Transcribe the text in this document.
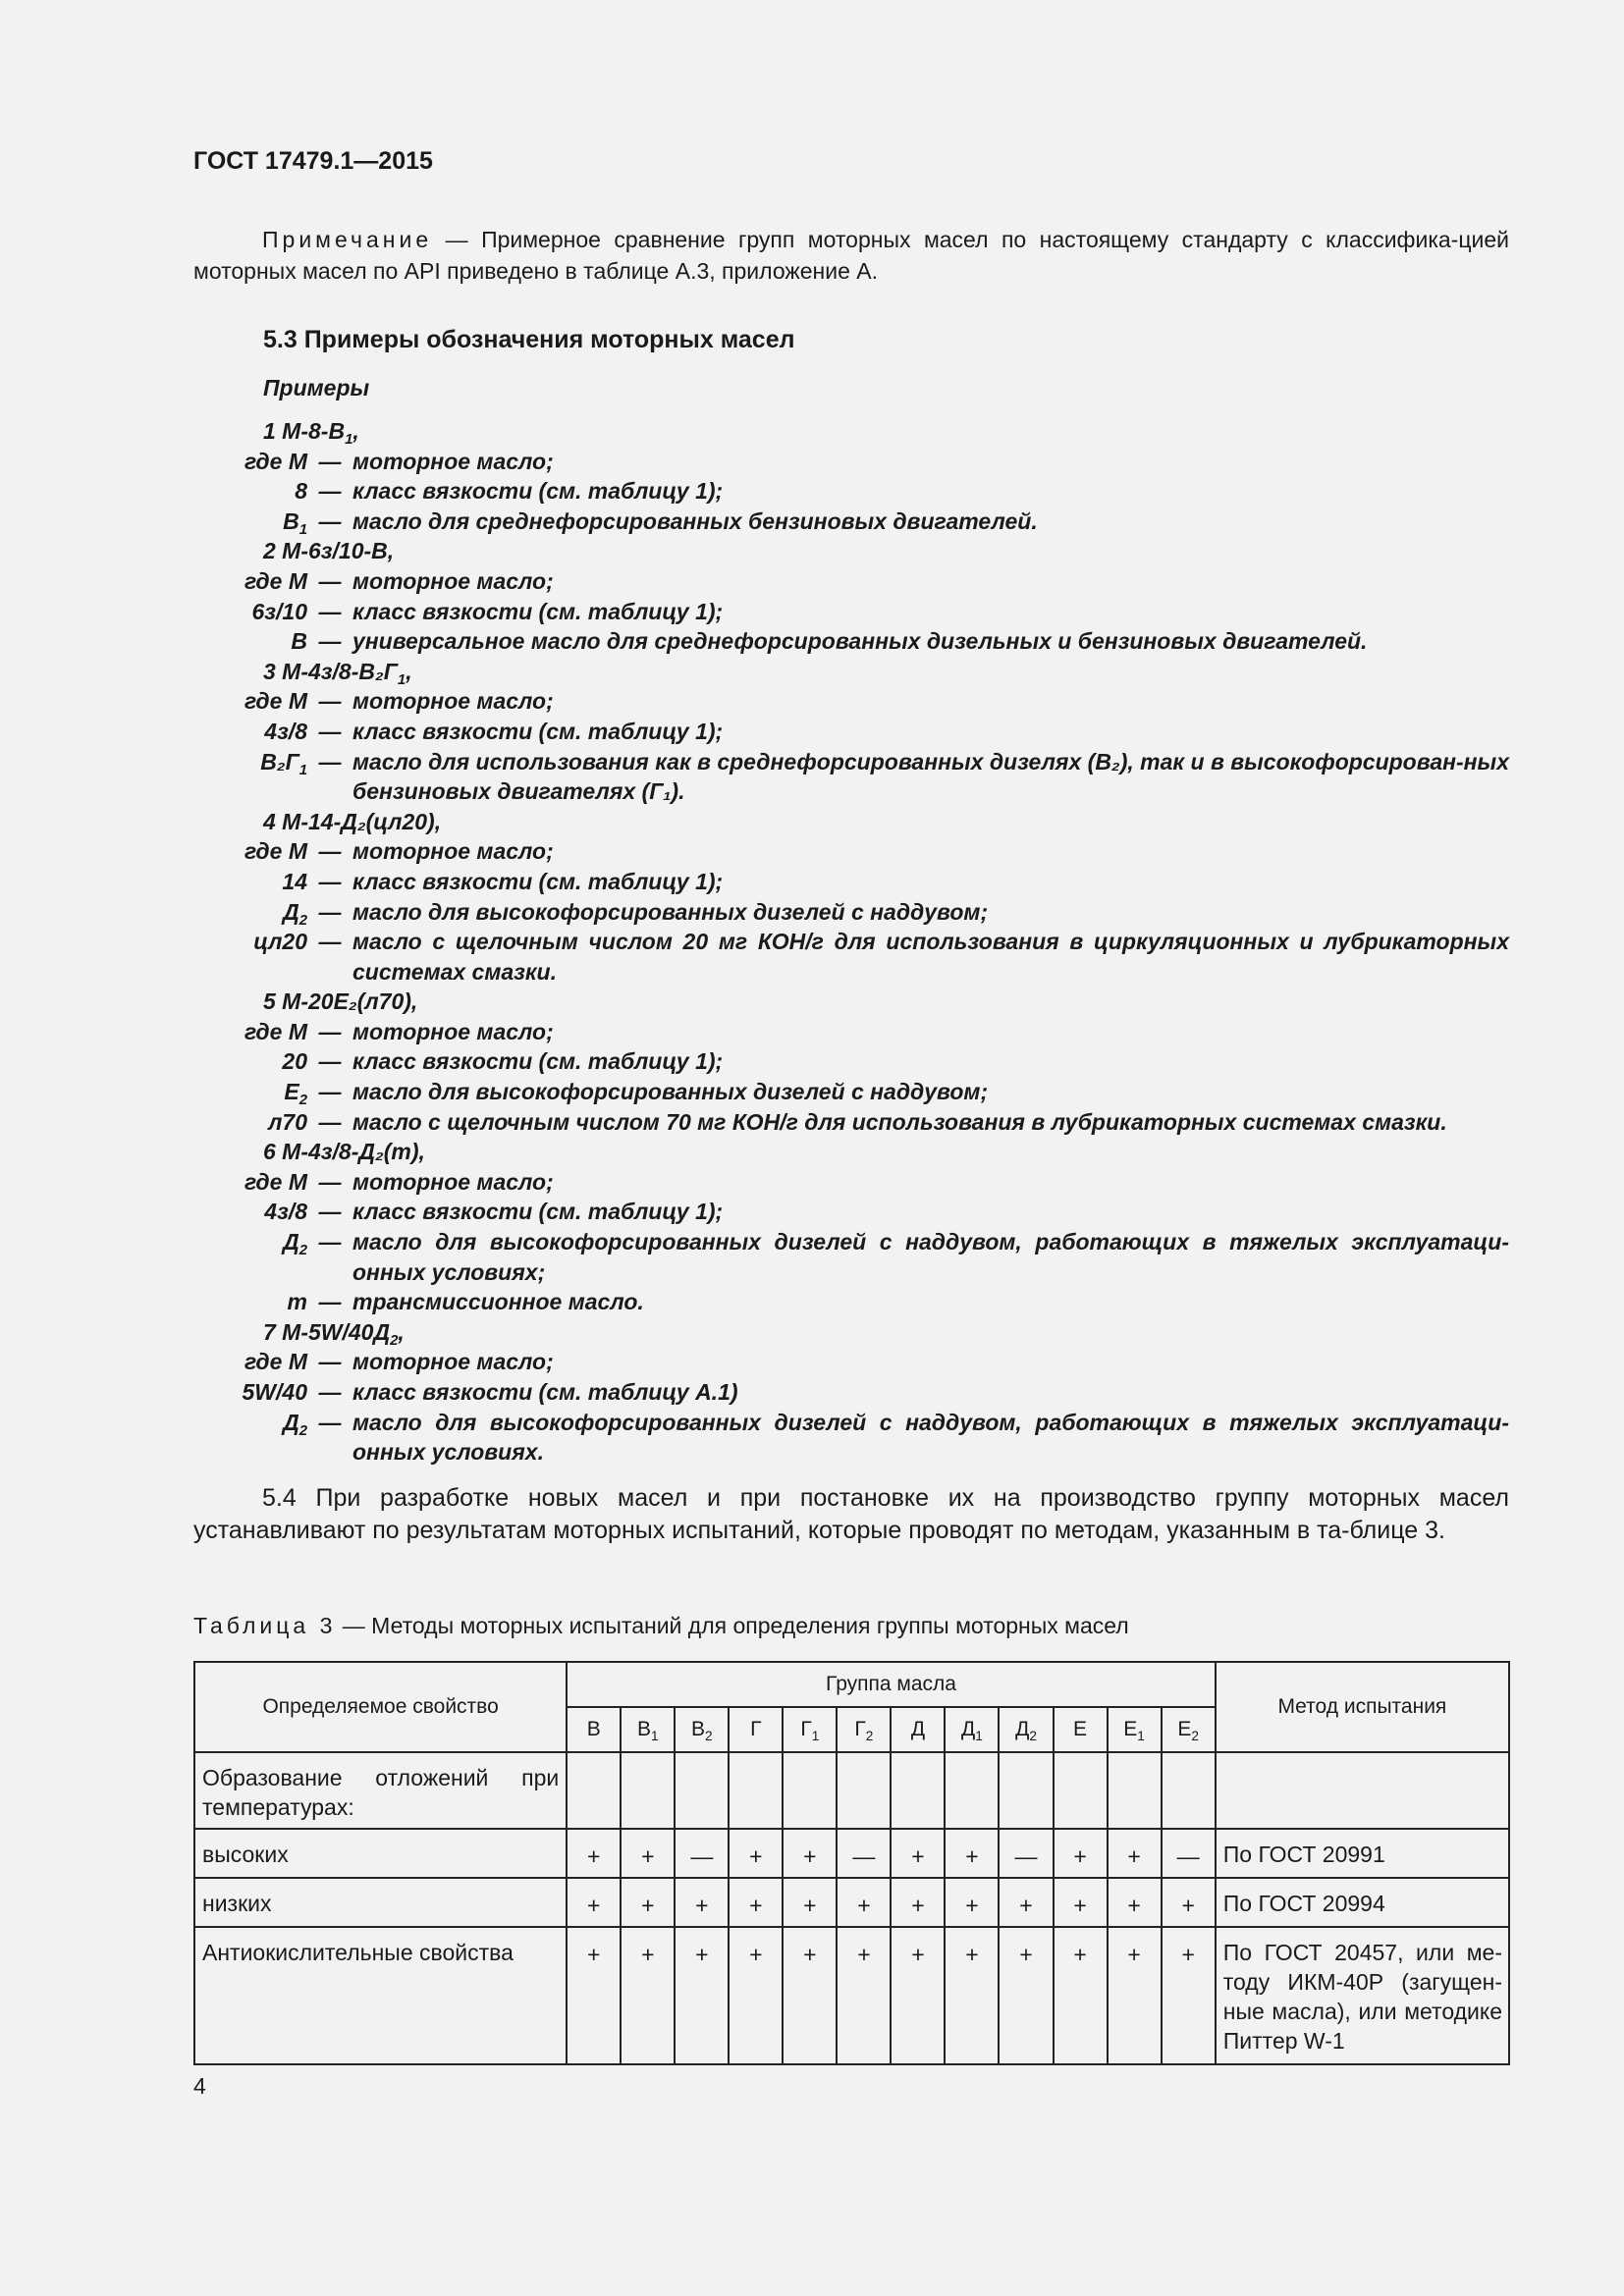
ГОСТ 17479.1—2015
Примечание — Примерное сравнение групп моторных масел по настоящему стандарту с классифика-цией моторных масел по API приведено в таблице А.3, приложение А.
5.3 Примеры обозначения моторных масел
Примеры
1 $М-8-В_1$,
где М — моторное масло;
8 — класс вязкости (см. таблицу 1);
$В_1$ — масло для среднефорсированных бензиновых двигателей.
2 М-6з/10-В,
где М — моторное масло;
6з/10 — класс вязкости (см. таблицу 1);
В — универсальное масло для среднефорсированных дизельных и бензиновых двигателей.
3 $М-4з/8-В_2Г_1$,
где М — моторное масло;
4з/8 — класс вязкости (см. таблицу 1);
$В_2Г_1$ — масло для использования как в среднефорсированных дизелях (В₂), так и в высокофорсирован-ных бензиновых двигателях (Г₁).
4 М-14-Д₂(цл20),
где М — моторное масло;
14 — класс вязкости (см. таблицу 1);
$Д_2$ — масло для высокофорсированных дизелей с наддувом;
цл20 — масло с щелочным числом 20 мг КОН/г для использования в циркуляционных и лубрикаторных системах смазки.
5 М-20Е₂(л70),
где М — моторное масло;
20 — класс вязкости (см. таблицу 1);
$Е_2$ — масло для высокофорсированных дизелей с наддувом;
л70 — масло с щелочным числом 70 мг КОН/г для использования в лубрикаторных системах смазки.
6 М-4з/8-Д₂(т),
где М — моторное масло;
4з/8 — класс вязкости (см. таблицу 1);
$Д_2$ — масло для высокофорсированных дизелей с наддувом, работающих в тяжелых эксплуатаци-онных условиях;
т — трансмиссионное масло.
7 $М-5W/40Д_2$,
где М — моторное масло;
5W/40 — класс вязкости (см. таблицу А.1)
$Д_2$ — масло для высокофорсированных дизелей с наддувом, работающих в тяжелых эксплуатаци-онных условиях.
5.4 При разработке новых масел и при постановке их на производство группу моторных масел устанавливают по результатам моторных испытаний, которые проводят по методам, указанным в та-блице 3.
Таблица 3 — Методы моторных испытаний для определения группы моторных масел
Определяемое свойство	Группа масла												Метод испытания
	В	$В_1$	$В_2$	Г	$Г_1$	$Г_2$	Д	$Д_1$	$Д_2$	Е	$Е_1$	$Е_2$
Образование отложений при температурах:													
высоких	+	+	—	+	+	—	+	+	—	+	+	—	По ГОСТ 20991
низких	+	+	+	+	+	+	+	+	+	+	+	+	По ГОСТ 20994
Антиокислительные свойства	+	+	+	+	+	+	+	+	+	+	+	+	По ГОСТ 20457, или ме-тоду ИКМ-40Р (загущен-ные масла), или методике Питтер W-1
4
